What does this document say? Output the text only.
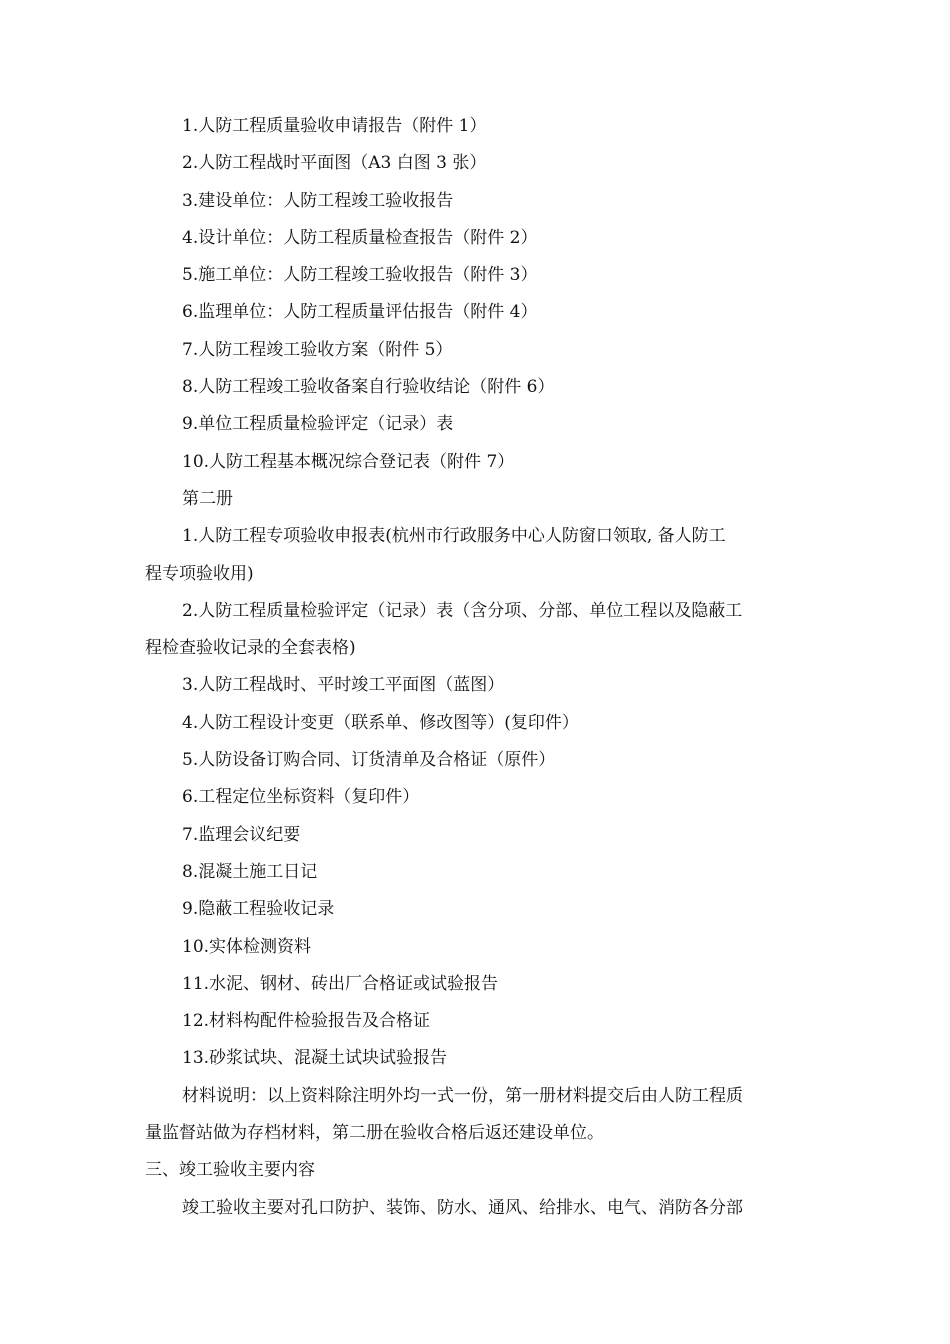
1.人防工程质量验收申请报告（附件 1）

2.人防工程战时平面图（A3 白图 3 张）

3.建设单位：人防工程竣工验收报告

4.设计单位：人防工程质量检查报告（附件 2）

5.施工单位：人防工程竣工验收报告（附件 3）

6.监理单位：人防工程质量评估报告（附件 4）

7.人防工程竣工验收方案（附件 5）

8.人防工程竣工验收备案自行验收结论（附件 6）

9.单位工程质量检验评定（记录）表

10.人防工程基本概况综合登记表（附件 7）

第二册

1.人防工程专项验收申报表(杭州市行政服务中心人防窗口领取, 备人防工

程专项验收用)

2.人防工程质量检验评定（记录）表（含分项、分部、单位工程以及隐蔽工

程检查验收记录的全套表格)

3.人防工程战时、平时竣工平面图（蓝图）

4.人防工程设计变更（联系单、修改图等）(复印件）

5.人防设备订购合同、订货清单及合格证（原件）

6.工程定位坐标资料（复印件）

7.监理会议纪要

8.混凝土施工日记

9.隐蔽工程验收记录

10.实体检测资料

11.水泥、钢材、砖出厂合格证或试验报告

12.材料构配件检验报告及合格证

13.砂浆试块、混凝土试块试验报告

材料说明：以上资料除注明外均一式一份，第一册材料提交后由人防工程质

量监督站做为存档材料，第二册在验收合格后返还建设单位。

三、竣工验收主要内容

竣工验收主要对孔口防护、装饰、防水、通风、给排水、电气、消防各分部
